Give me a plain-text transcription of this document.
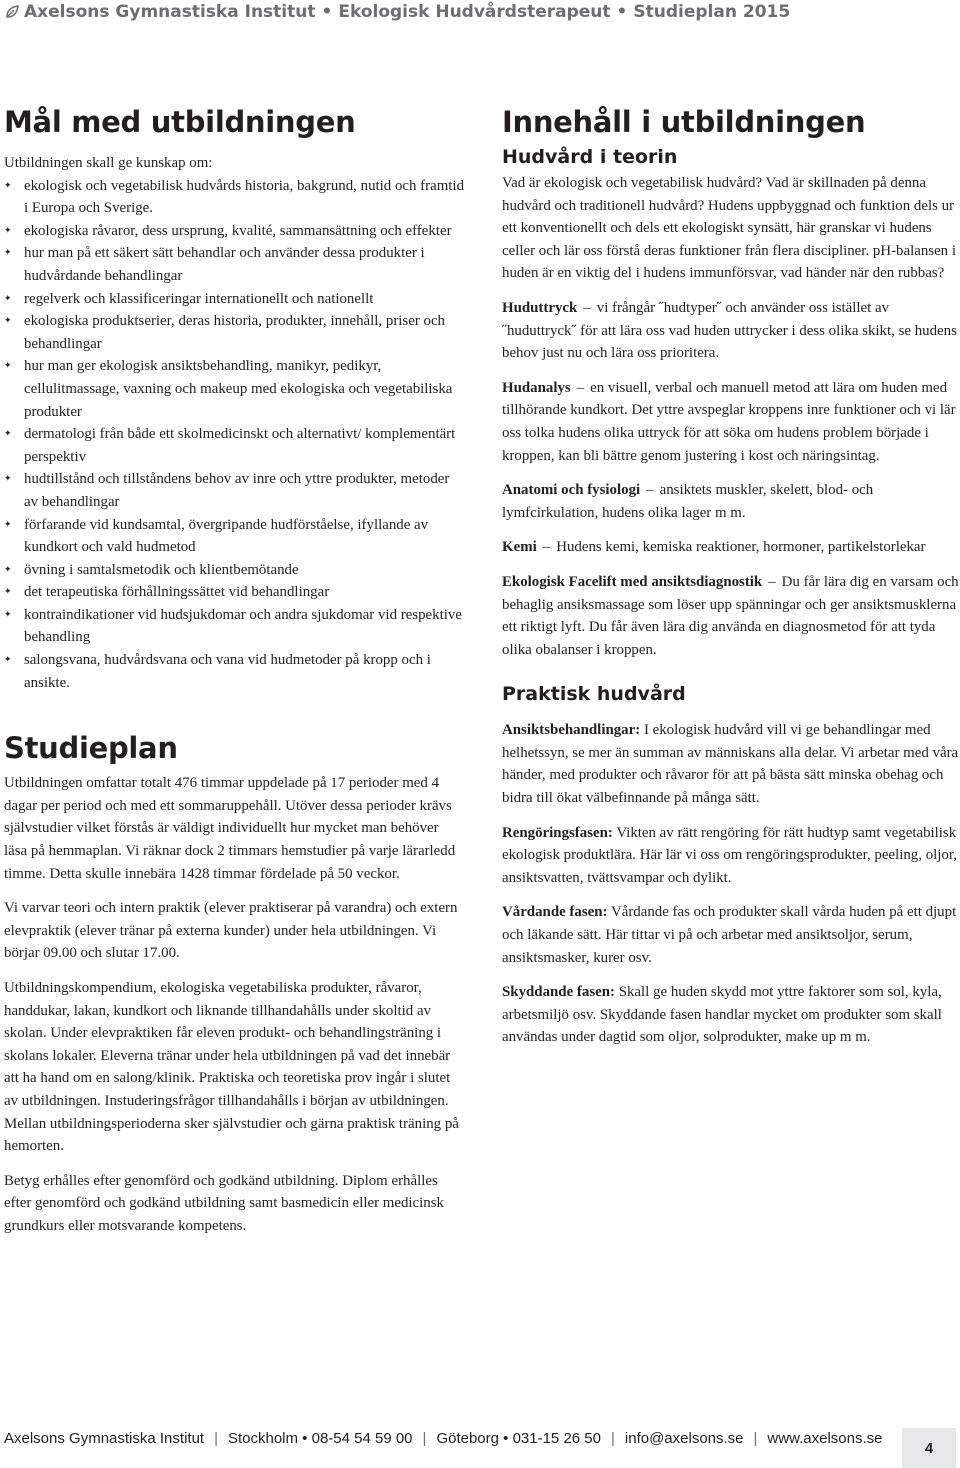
Axelsons Gymnastiska Institut • Ekologisk Hudvårdsterapeut • Studieplan 2015
Mål med utbildningen

Utbildningen skall ge kunskap om:

✦ ekologisk och vegetabilisk hudvårds historia, bakgrund, nutid och framtid i Europa och Sverige.
✦ ekologiska råvaror, dess ursprung, kvalité, sammansättning och effekter
✦ hur man på ett säkert sätt behandlar och använder dessa produkter i hudvårdande behandlingar
✦ regelverk och klassificeringar internationellt och nationellt
✦ ekologiska produktserier, deras historia, produkter, innehåll, priser och behandlingar
✦ hur man ger ekologisk ansiktsbehandling, manikyr, pedikyr, cellulitmassage, vaxning och makeup med ekologiska och vegetabiliska produkter
✦ dermatologi från både ett skolmedicinskt och alternativt/ komplementärt perspektiv
✦ hudtillstånd och tillståndens behov av inre och yttre produkter, metoder av behandlingar
✦ förfarande vid kundsamtal, övergripande hudförståelse, ifyllande av kundkort och vald hudmetod
✦ övning i samtalsmetodik och klientbemötande
✦ det terapeutiska förhållningssättet vid behandlingar
✦ kontraindikationer vid hudsjukdomar och andra sjukdomar vid respektive behandling
✦ salongsvana, hudvårdsvana och vana vid hudmetoder på kropp och i ansikte.
Studieplan

Utbildningen omfattar totalt 476 timmar uppdelade på 17 perioder med 4 dagar per period och med ett sommaruppehåll. Utöver dessa perioder krävs självstudier vilket förstås är väldigt individuellt hur mycket man behöver läsa på hemmaplan. Vi räknar dock 2 timmars hemstudier på varje lärarledd timme. Detta skulle innebära 1428 timmar fördelade på 50 veckor.

Vi varvar teori och intern praktik (elever praktiserar på varandra) och extern elevpraktik (elever tränar på externa kunder) under hela utbildningen. Vi börjar 09.00 och slutar 17.00.

Utbildningskompendium, ekologiska vegetabiliska produkter, råvaror, handdukar, lakan, kundkort och liknande tillhandahålls under skoltid av skolan. Under elevpraktiken får eleven produkt- och behandlingsträning i skolans lokaler. Eleverna tränar under hela utbildningen på vad det innebär att ha hand om en salong/klinik. Praktiska och teoretiska prov ingår i slutet av utbildningen. Instuderingsfrågor tillhandahålls i början av utbildningen. Mellan utbildningsperioderna sker självstudier och gärna praktisk träning på hemorten.

Betyg erhålles efter genomförd och godkänd utbildning. Diplom erhålles efter genomförd och godkänd utbildning samt basmedicin eller medicinsk grundkurs eller motsvarande kompetens.

Innehåll i utbildningen
Hudvård i teorin

Vad är ekologisk och vegetabilisk hudvård? Vad är skillnaden på denna hudvård och traditionell hudvård? Hudens uppbyggnad och funktion dels ur ett konventionellt och dels ett ekologiskt synsätt, här granskar vi hudens celler och lär oss förstå deras funktioner från flera discipliner. pH-balansen i huden är en viktig del i hudens immunförsvar, vad händer när den rubbas?

Huduttryck – vi frångår ˝hudtyper˝ och använder oss istället av ˝huduttryck˝ för att lära oss vad huden uttrycker i dess olika skikt, se hudens behov just nu och lära oss prioritera.

Hudanalys – en visuell, verbal och manuell metod att lära om huden med tillhörande kundkort. Det yttre avspeglar kroppens inre funktioner och vi lär oss tolka hudens olika uttryck för att söka om hudens problem började i kroppen, kan bli bättre genom justering i kost och näringsintag.

Anatomi och fysiologi – ansiktets muskler, skelett, blod- och lymfcirkulation, hudens olika lager m m.

Kemi – Hudens kemi, kemiska reaktioner, hormoner, partikelstorlekar

Ekologisk Facelift med ansiktsdiagnostik – Du får lära dig en varsam och behaglig ansiksmassage som löser upp spänningar och ger ansiktsmusklerna ett riktigt lyft. Du får även lära dig använda en diagnosmetod för att tyda olika obalanser i kroppen.

Praktisk hudvård

Ansiktsbehandlingar: I ekologisk hudvård vill vi ge behandlingar med helhetssyn, se mer än summan av människans alla delar. Vi arbetar med våra händer, med produkter och råvaror för att på bästa sätt minska obehag och bidra till ökat välbefinnande på många sätt.

Rengöringsfasen: Vikten av rätt rengöring för rätt hudtyp samt vegetabilisk ekologisk produktlära. Här lär vi oss om rengöringsprodukter, peeling, oljor, ansiktsvatten, tvättsvampar och dylikt.

Vårdande fasen: Vårdande fas och produkter skall vårda huden på ett djupt och läkande sätt. Här tittar vi på och arbetar med ansiktsoljor, serum, ansiktsmasker, kurer osv.

Skyddande fasen: Skall ge huden skydd mot yttre faktorer som sol, kyla, arbetsmiljö osv. Skyddande fasen handlar mycket om produkter som skall användas under dagtid som oljor, solprodukter, make up m m.

Axelsons Gymnastiska Institut | Stockholm • 08-54 54 59 00 | Göteborg • 031-15 26 50 | info@axelsons.se | www.axelsons.se
4
